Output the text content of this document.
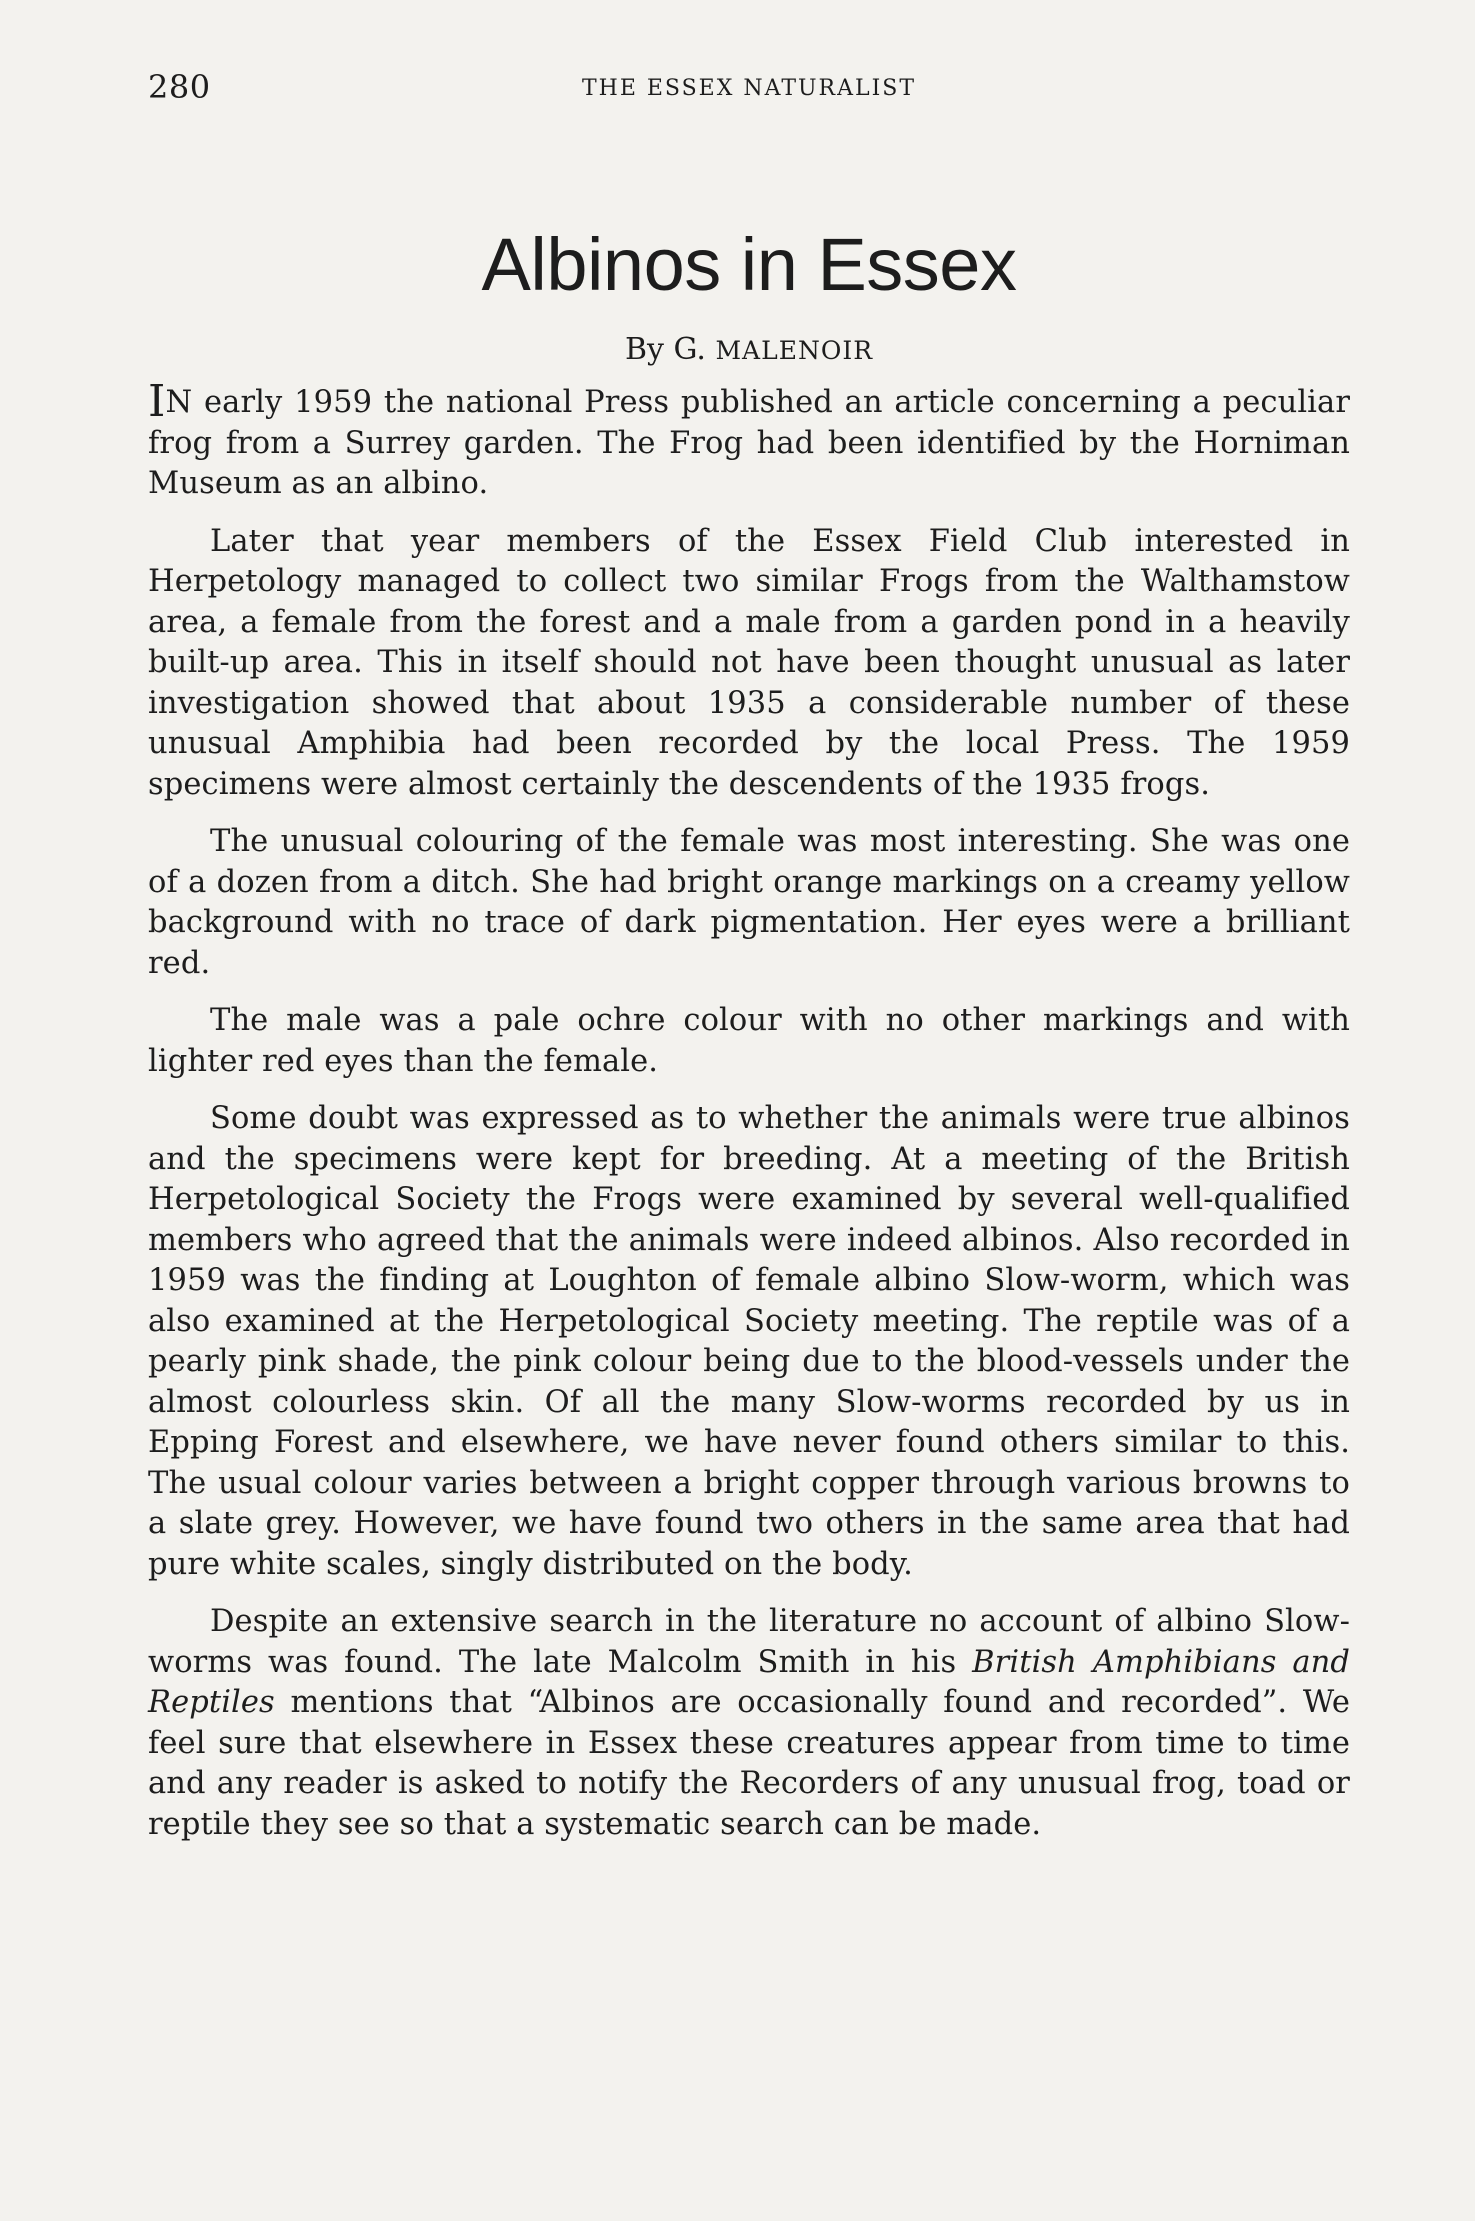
280	THE ESSEX NATURALIST
Albinos in Essex
By G. MALENOIR

IN early 1959 the national Press published an article concerning a peculiar frog from a Surrey garden. The Frog had been identified by the Horniman Museum as an albino.

Later that year members of the Essex Field Club interested in Herpetology managed to collect two similar Frogs from the Walthamstow area, a female from the forest and a male from a garden pond in a heavily built-up area. This in itself should not have been thought unusual as later investigation showed that about 1935 a considerable number of these unusual Amphibia had been recorded by the local Press. The 1959 specimens were almost certainly the descendents of the 1935 frogs.

The unusual colouring of the female was most interesting. She was one of a dozen from a ditch. She had bright orange markings on a creamy yellow background with no trace of dark pigmentation. Her eyes were a brilliant red.

The male was a pale ochre colour with no other markings and with lighter red eyes than the female.

Some doubt was expressed as to whether the animals were true albinos and the specimens were kept for breeding. At a meeting of the British Herpetological Society the Frogs were examined by several well-qualified members who agreed that the animals were indeed albinos. Also recorded in 1959 was the finding at Loughton of female albino Slow-worm, which was also examined at the Herpetological Society meeting. The reptile was of a pearly pink shade, the pink colour being due to the blood-vessels under the almost colourless skin. Of all the many Slow-worms recorded by us in Epping Forest and elsewhere, we have never found others similar to this. The usual colour varies between a bright copper through various browns to a slate grey. However, we have found two others in the same area that had pure white scales, singly distributed on the body.

Despite an extensive search in the literature no account of albino Slow-worms was found. The late Malcolm Smith in his British Amphibians and Reptiles mentions that “Albinos are occasionally found and recorded”. We feel sure that elsewhere in Essex these creatures appear from time to time and any reader is asked to notify the Recorders of any unusual frog, toad or reptile they see so that a systematic search can be made.
